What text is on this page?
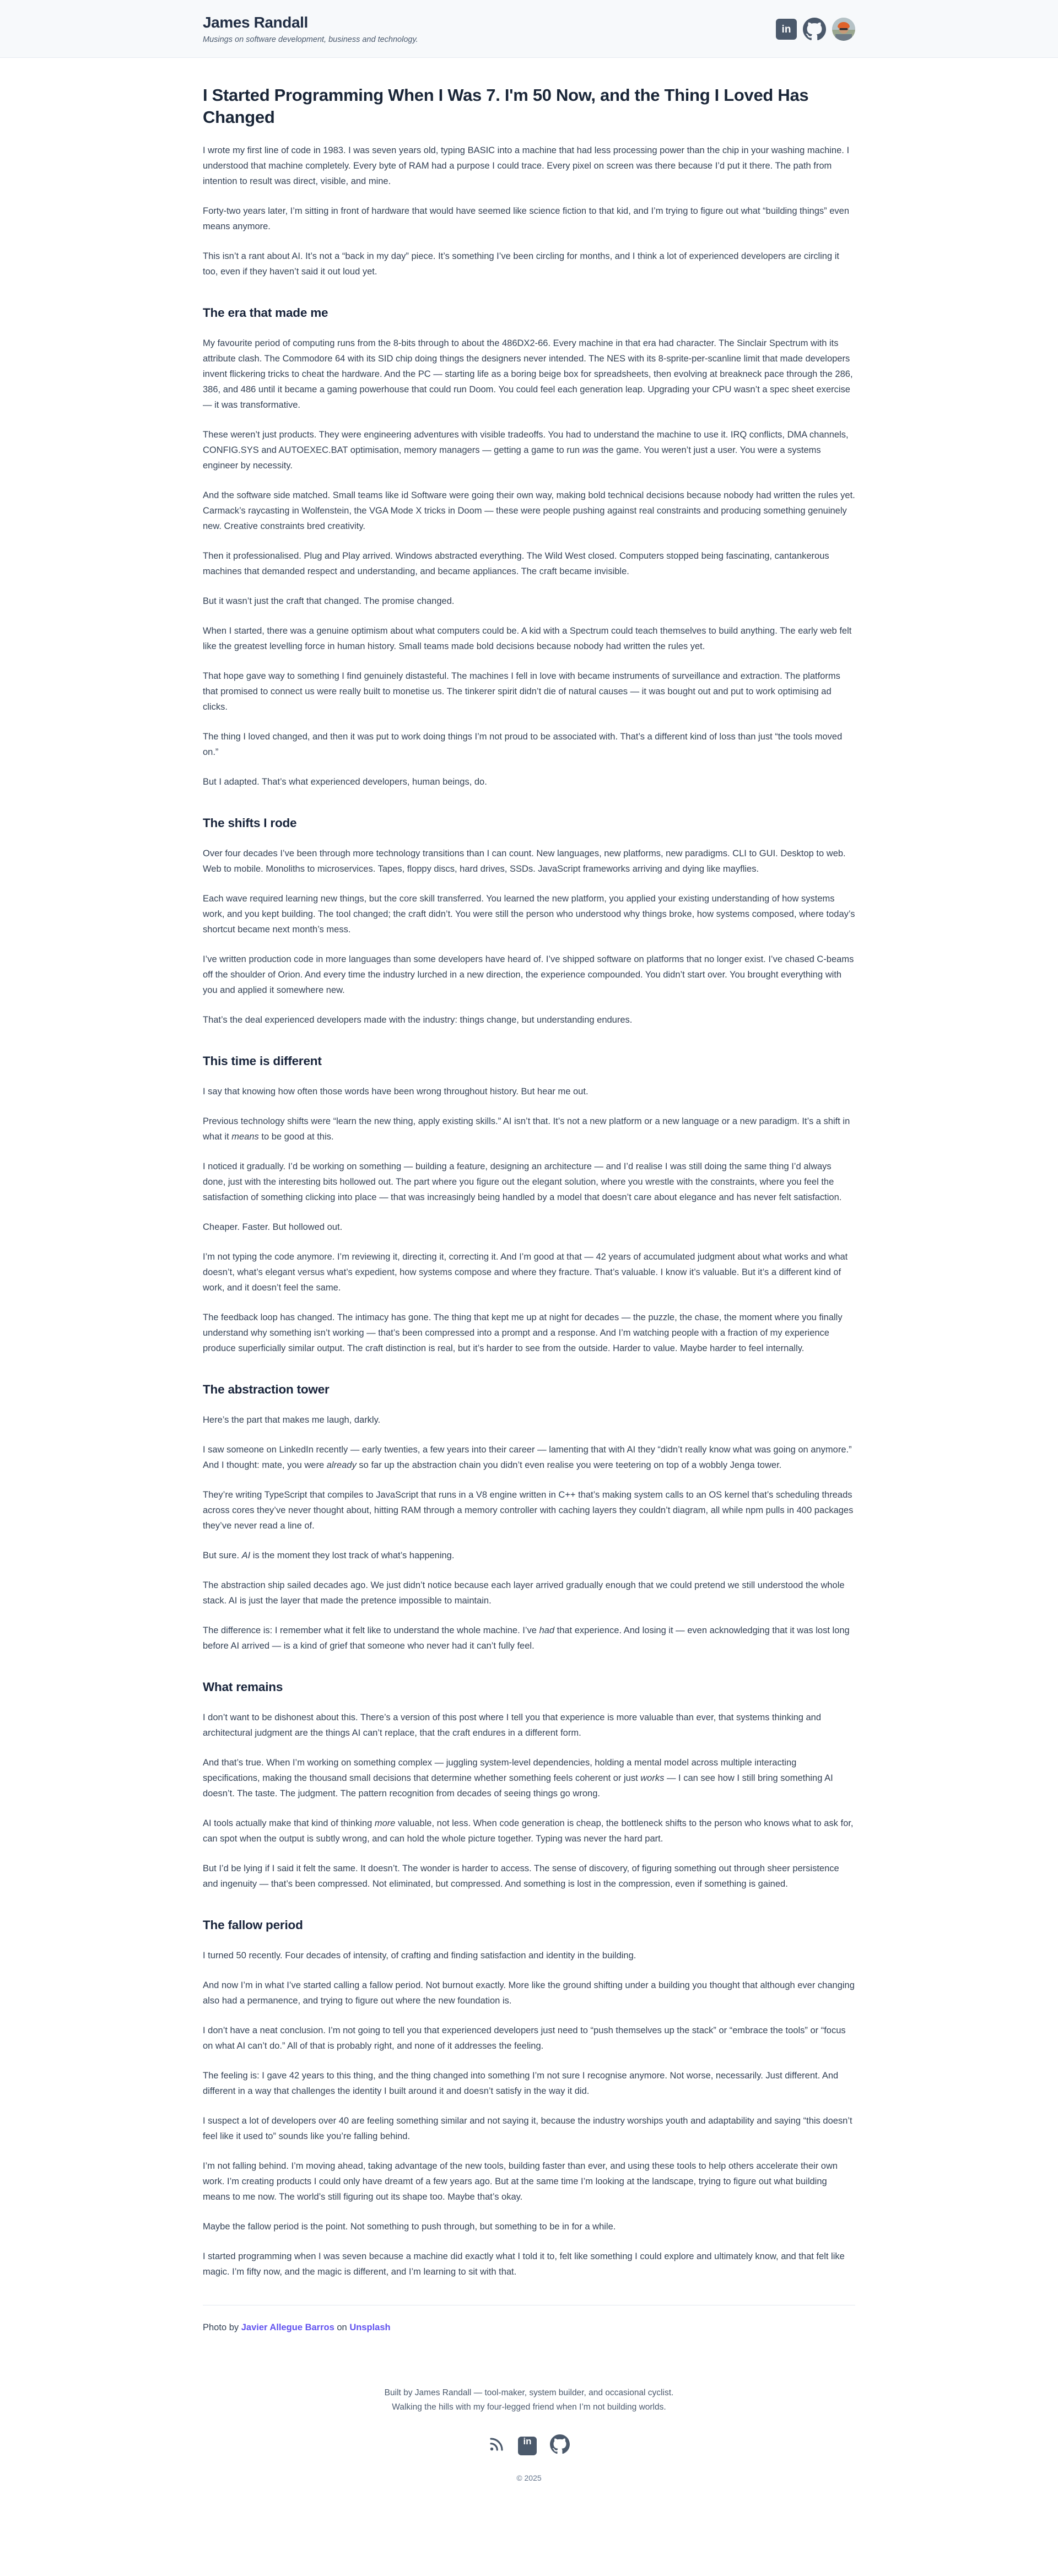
James Randall
Musings on software development, business and technology.
in
I Started Programming When I Was 7. I'm 50 Now, and the Thing I Loved Has Changed

I wrote my first line of code in 1983. I was seven years old, typing BASIC into a machine that had less processing power than the chip in your washing machine. I understood that machine completely. Every byte of RAM had a purpose I could trace. Every pixel on screen was there because I’d put it there. The path from intention to result was direct, visible, and mine.

Forty-two years later, I’m sitting in front of hardware that would have seemed like science fiction to that kid, and I’m trying to figure out what “building things” even means anymore.

This isn’t a rant about AI. It’s not a “back in my day” piece. It’s something I’ve been circling for months, and I think a lot of experienced developers are circling it too, even if they haven’t said it out loud yet.

The era that made me

My favourite period of computing runs from the 8-bits through to about the 486DX2-66. Every machine in that era had character. The Sinclair Spectrum with its attribute clash. The Commodore 64 with its SID chip doing things the designers never intended. The NES with its 8-sprite-per-scanline limit that made developers invent flickering tricks to cheat the hardware. And the PC — starting life as a boring beige box for spreadsheets, then evolving at breakneck pace through the 286, 386, and 486 until it became a gaming powerhouse that could run Doom. You could feel each generation leap. Upgrading your CPU wasn’t a spec sheet exercise — it was transformative.

These weren’t just products. They were engineering adventures with visible tradeoffs. You had to understand the machine to use it. IRQ conflicts, DMA channels, CONFIG.SYS and AUTOEXEC.BAT optimisation, memory managers — getting a game to run was the game. You weren’t just a user. You were a systems engineer by necessity.

And the software side matched. Small teams like id Software were going their own way, making bold technical decisions because nobody had written the rules yet. Carmack’s raycasting in Wolfenstein, the VGA Mode X tricks in Doom — these were people pushing against real constraints and producing something genuinely new. Creative constraints bred creativity.

Then it professionalised. Plug and Play arrived. Windows abstracted everything. The Wild West closed. Computers stopped being fascinating, cantankerous machines that demanded respect and understanding, and became appliances. The craft became invisible.

But it wasn’t just the craft that changed. The promise changed.

When I started, there was a genuine optimism about what computers could be. A kid with a Spectrum could teach themselves to build anything. The early web felt like the greatest levelling force in human history. Small teams made bold decisions because nobody had written the rules yet.

That hope gave way to something I find genuinely distasteful. The machines I fell in love with became instruments of surveillance and extraction. The platforms that promised to connect us were really built to monetise us. The tinkerer spirit didn’t die of natural causes — it was bought out and put to work optimising ad clicks.

The thing I loved changed, and then it was put to work doing things I’m not proud to be associated with. That’s a different kind of loss than just “the tools moved on.”

But I adapted. That’s what experienced developers, human beings, do.

The shifts I rode

Over four decades I’ve been through more technology transitions than I can count. New languages, new platforms, new paradigms. CLI to GUI. Desktop to web. Web to mobile. Monoliths to microservices. Tapes, floppy discs, hard drives, SSDs. JavaScript frameworks arriving and dying like mayflies.

Each wave required learning new things, but the core skill transferred. You learned the new platform, you applied your existing understanding of how systems work, and you kept building. The tool changed; the craft didn’t. You were still the person who understood why things broke, how systems composed, where today’s shortcut became next month’s mess.

I’ve written production code in more languages than some developers have heard of. I’ve shipped software on platforms that no longer exist. I’ve chased C-beams off the shoulder of Orion. And every time the industry lurched in a new direction, the experience compounded. You didn’t start over. You brought everything with you and applied it somewhere new.

That’s the deal experienced developers made with the industry: things change, but understanding endures.

This time is different

I say that knowing how often those words have been wrong throughout history. But hear me out.

Previous technology shifts were “learn the new thing, apply existing skills.” AI isn’t that. It’s not a new platform or a new language or a new paradigm. It’s a shift in what it means to be good at this.

I noticed it gradually. I’d be working on something — building a feature, designing an architecture — and I’d realise I was still doing the same thing I’d always done, just with the interesting bits hollowed out. The part where you figure out the elegant solution, where you wrestle with the constraints, where you feel the satisfaction of something clicking into place — that was increasingly being handled by a model that doesn’t care about elegance and has never felt satisfaction.

Cheaper. Faster. But hollowed out.

I’m not typing the code anymore. I’m reviewing it, directing it, correcting it. And I’m good at that — 42 years of accumulated judgment about what works and what doesn’t, what’s elegant versus what’s expedient, how systems compose and where they fracture. That’s valuable. I know it’s valuable. But it’s a different kind of work, and it doesn’t feel the same.

The feedback loop has changed. The intimacy has gone. The thing that kept me up at night for decades — the puzzle, the chase, the moment where you finally understand why something isn’t working — that’s been compressed into a prompt and a response. And I’m watching people with a fraction of my experience produce superficially similar output. The craft distinction is real, but it’s harder to see from the outside. Harder to value. Maybe harder to feel internally.

The abstraction tower

Here’s the part that makes me laugh, darkly.

I saw someone on LinkedIn recently — early twenties, a few years into their career — lamenting that with AI they “didn’t really know what was going on anymore.” And I thought: mate, you were already so far up the abstraction chain you didn’t even realise you were teetering on top of a wobbly Jenga tower.

They’re writing TypeScript that compiles to JavaScript that runs in a V8 engine written in C++ that’s making system calls to an OS kernel that’s scheduling threads across cores they’ve never thought about, hitting RAM through a memory controller with caching layers they couldn’t diagram, all while npm pulls in 400 packages they’ve never read a line of.

But sure. AI is the moment they lost track of what’s happening.

The abstraction ship sailed decades ago. We just didn’t notice because each layer arrived gradually enough that we could pretend we still understood the whole stack. AI is just the layer that made the pretence impossible to maintain.

The difference is: I remember what it felt like to understand the whole machine. I’ve had that experience. And losing it — even acknowledging that it was lost long before AI arrived — is a kind of grief that someone who never had it can’t fully feel.

What remains

I don’t want to be dishonest about this. There’s a version of this post where I tell you that experience is more valuable than ever, that systems thinking and architectural judgment are the things AI can’t replace, that the craft endures in a different form.

And that’s true. When I’m working on something complex — juggling system-level dependencies, holding a mental model across multiple interacting specifications, making the thousand small decisions that determine whether something feels coherent or just works — I can see how I still bring something AI doesn’t. The taste. The judgment. The pattern recognition from decades of seeing things go wrong.

AI tools actually make that kind of thinking more valuable, not less. When code generation is cheap, the bottleneck shifts to the person who knows what to ask for, can spot when the output is subtly wrong, and can hold the whole picture together. Typing was never the hard part.

But I’d be lying if I said it felt the same. It doesn’t. The wonder is harder to access. The sense of discovery, of figuring something out through sheer persistence and ingenuity — that’s been compressed. Not eliminated, but compressed. And something is lost in the compression, even if something is gained.

The fallow period

I turned 50 recently. Four decades of intensity, of crafting and finding satisfaction and identity in the building.

And now I’m in what I’ve started calling a fallow period. Not burnout exactly. More like the ground shifting under a building you thought that although ever changing also had a permanence, and trying to figure out where the new foundation is.

I don’t have a neat conclusion. I’m not going to tell you that experienced developers just need to “push themselves up the stack” or “embrace the tools” or “focus on what AI can’t do.” All of that is probably right, and none of it addresses the feeling.

The feeling is: I gave 42 years to this thing, and the thing changed into something I’m not sure I recognise anymore. Not worse, necessarily. Just different. And different in a way that challenges the identity I built around it and doesn’t satisfy in the way it did.

I suspect a lot of developers over 40 are feeling something similar and not saying it, because the industry worships youth and adaptability and saying “this doesn’t feel like it used to” sounds like you’re falling behind.

I’m not falling behind. I’m moving ahead, taking advantage of the new tools, building faster than ever, and using these tools to help others accelerate their own work. I’m creating products I could only have dreamt of a few years ago. But at the same time I’m looking at the landscape, trying to figure out what building means to me now. The world’s still figuring out its shape too. Maybe that’s okay.

Maybe the fallow period is the point. Not something to push through, but something to be in for a while.

I started programming when I was seven because a machine did exactly what I told it to, felt like something I could explore and ultimately know, and that felt like magic. I’m fifty now, and the magic is different, and I’m learning to sit with that.

Photo by Javier Allegue Barros on Unsplash

Built by James Randall — tool-maker, system builder, and occasional cyclist.
Walking the hills with my four-legged friend when I’m not building worlds.
in
© 2025
